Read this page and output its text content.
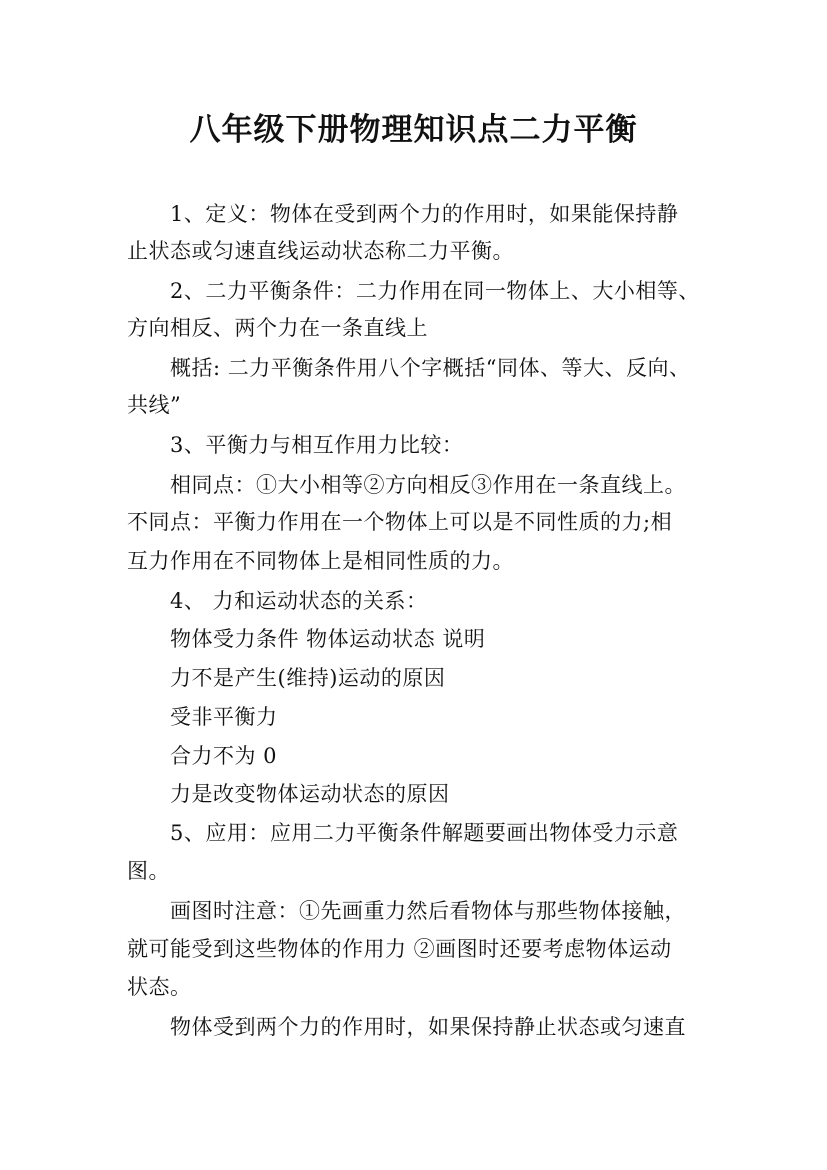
八年级下册物理知识点二力平衡
1、定义：物体在受到两个力的作用时，如果能保持静
止状态或匀速直线运动状态称二力平衡。
2、二力平衡条件：二力作用在同一物体上、大小相等、
方向相反、两个力在一条直线上
概括: 二力平衡条件用八个字概括“同体、等大、反向、
共线”
3、平衡力与相互作用力比较：
相同点：①大小相等②方向相反③作用在一条直线上。
不同点：平衡力作用在一个物体上可以是不同性质的力;相
互力作用在不同物体上是相同性质的力。
4、 力和运动状态的关系：
物体受力条件 物体运动状态 说明
力不是产生(维持)运动的原因
受非平衡力
合力不为 0
力是改变物体运动状态的原因
5、应用：应用二力平衡条件解题要画出物体受力示意
图。
画图时注意：①先画重力然后看物体与那些物体接触，
就可能受到这些物体的作用力 ②画图时还要考虑物体运动
状态。
物体受到两个力的作用时，如果保持静止状态或匀速直
